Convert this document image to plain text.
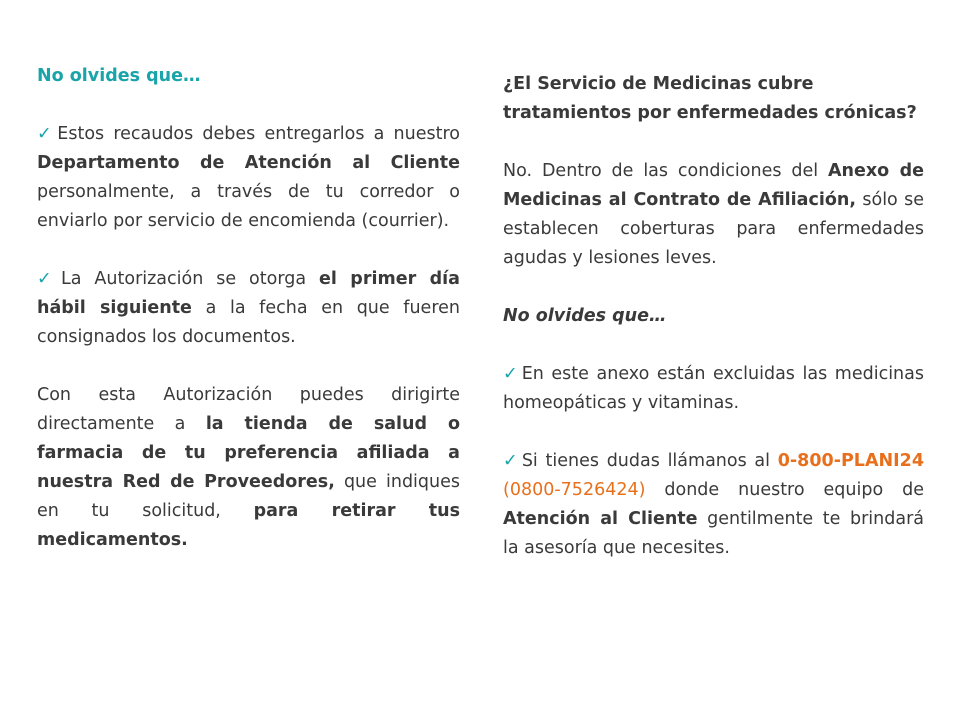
No olvides que…

✓ Estos recaudos debes entregarlos a nuestro Departamento de Atención al Cliente personalmente, a través de tu corredor o enviarlo por servicio de encomienda (courrier).

✓ La Autorización se otorga el primer día hábil siguiente a la fecha en que fueren consignados los documentos.

Con esta Autorización puedes dirigirte directamente a la tienda de salud o farmacia de tu preferencia afiliada a nuestra Red de Proveedores, que indiques en tu solicitud, para retirar tus medicamentos.

¿El Servicio de Medicinas cubre tratamientos por enfermedades crónicas?

No. Dentro de las condiciones del Anexo de Medicinas al Contrato de Afiliación, sólo se establecen coberturas para enfermedades agudas y lesiones leves.

No olvides que…

✓ En este anexo están excluidas las medicinas homeopáticas y vitaminas.

✓ Si tienes dudas llámanos al 0-800-PLANI24 (0800-7526424) donde nuestro equipo de Atención al Cliente gentilmente te brindará la asesoría que necesites.
